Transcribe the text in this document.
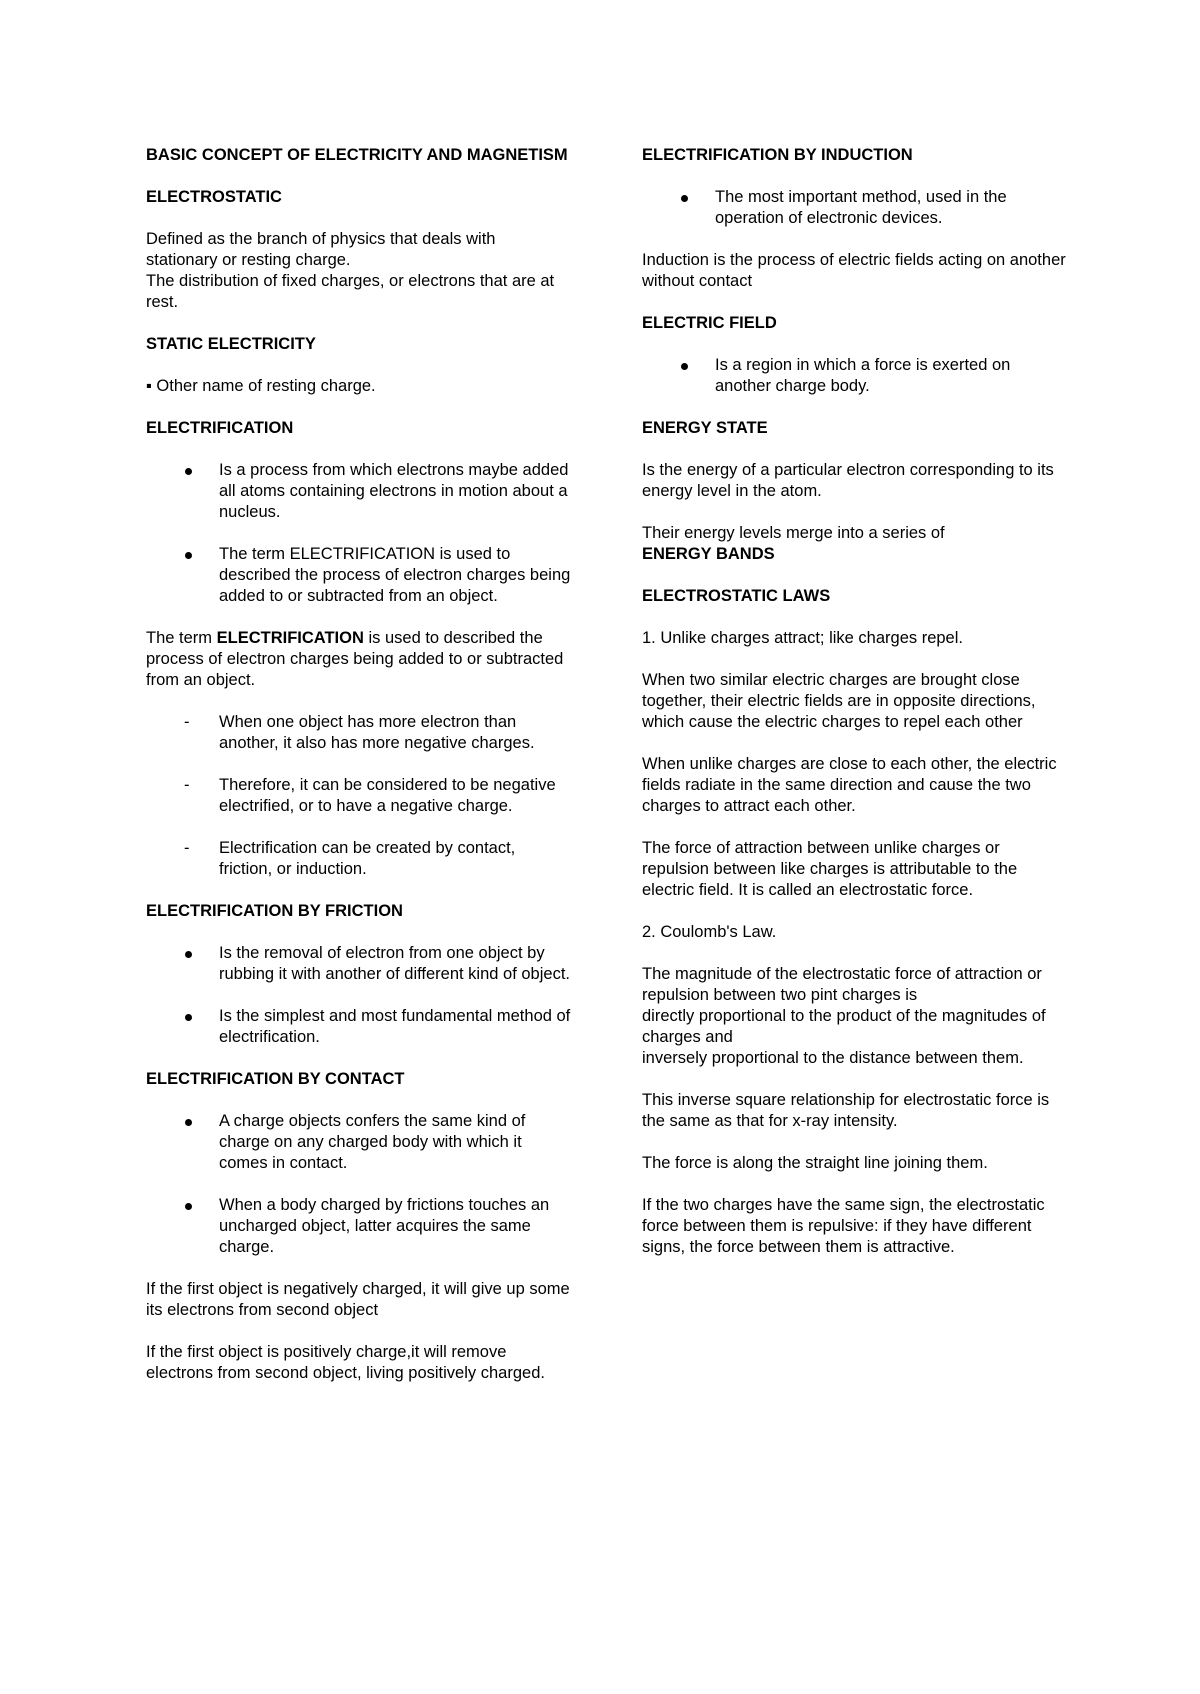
BASIC CONCEPT OF ELECTRICITY AND MAGNETISM
ELECTROSTATIC

Defined as the branch of physics that deals with stationary or resting charge.

The distribution of fixed charges, or electrons that are at rest.

STATIC ELECTRICITY

▪ Other name of resting charge.

ELECTRIFICATION
Is a process from which electrons maybe added all atoms containing electrons in motion about a nucleus.
The term ELECTRIFICATION is used to described the process of electron charges being added to or subtracted from an object.

The term ELECTRIFICATION is used to described the process of electron charges being added to or subtracted from an object.

-	When one object has more electron than another, it also has more negative charges.
-	Therefore, it can be considered to be negative electrified, or to have a negative charge.
-	Electrification can be created by contact, friction, or induction.
ELECTRIFICATION BY FRICTION
Is the removal of electron from one object by rubbing it with another of different kind of object.
Is the simplest and most fundamental method of electrification.
ELECTRIFICATION BY CONTACT
A charge objects confers the same kind of charge on any charged body with which it comes in contact.
When a body charged by frictions touches an uncharged object, latter acquires the same charge.

If the first object is negatively charged, it will give up some its electrons from second object

If the first object is positively charge,it will remove electrons from second object, living positively charged.

ELECTRIFICATION BY INDUCTION
The most important method, used in the operation of electronic devices.

Induction is the process of electric fields acting on another without contact

ELECTRIC FIELD
Is a region in which a force is exerted on another charge body.
ENERGY STATE

Is the energy of a particular electron corresponding to its energy level in the atom.

Their energy levels merge into a series of
ENERGY BANDS

ELECTROSTATIC LAWS

1. Unlike charges attract; like charges repel.

When two similar electric charges are brought close together, their electric fields are in opposite directions, which cause the electric charges to repel each other

When unlike charges are close to each other, the electric fields radiate in the same direction and cause the two charges to attract each other.

The force of attraction between unlike charges or repulsion between like charges is attributable to the electric field. It is called an electrostatic force.

2. Coulomb's Law.

The magnitude of the electrostatic force of attraction or repulsion between two pint charges is
directly proportional to the product of the magnitudes of charges and
inversely proportional to the distance between them.

This inverse square relationship for electrostatic force is the same as that for x-ray intensity.

The force is along the straight line joining them.

If the two charges have the same sign, the electrostatic force between them is repulsive: if they have different signs, the force between them is attractive.
